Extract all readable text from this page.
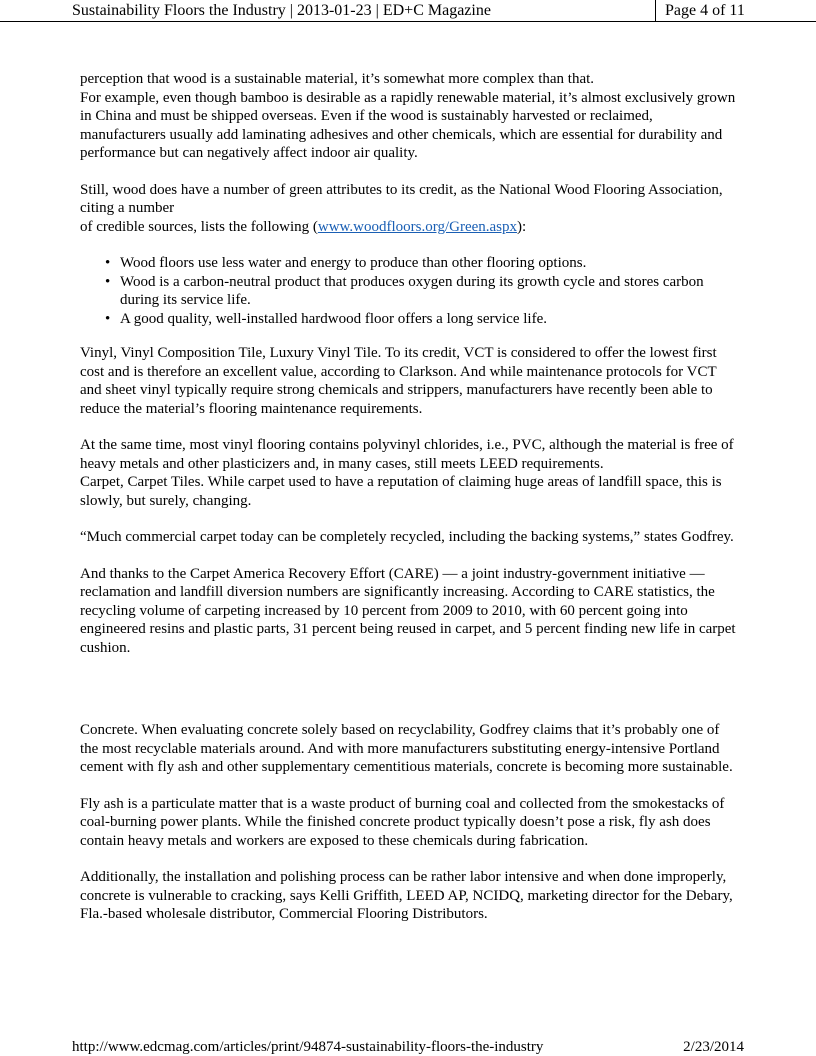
Sustainability Floors the Industry | 2013-01-23 | ED+C Magazine	Page 4 of 11

perception that wood is a sustainable material, it’s somewhat more complex than that.
For example, even though bamboo is desirable as a rapidly renewable material, it’s almost exclusively grown in China and must be shipped overseas. Even if the wood is sustainably harvested or reclaimed, manufacturers usually add laminating adhesives and other chemicals, which are essential for durability and performance but can negatively affect indoor air quality.

Still, wood does have a number of green attributes to its credit, as the National Wood Flooring Association, citing a number
of credible sources, lists the following (www.woodfloors.org/Green.aspx):

• Wood floors use less water and energy to produce than other flooring options.
• Wood is a carbon-neutral product that produces oxygen during its growth cycle and stores carbon during its service life.
• A good quality, well-installed hardwood floor offers a long service life.

Vinyl, Vinyl Composition Tile, Luxury Vinyl Tile. To its credit, VCT is considered to offer the lowest first cost and is therefore an excellent value, according to Clarkson. And while maintenance protocols for VCT and sheet vinyl typically require strong chemicals and strippers, manufacturers have recently been able to reduce the material’s flooring maintenance requirements.

At the same time, most vinyl flooring contains polyvinyl chlorides, i.e., PVC, although the material is free of heavy metals and other plasticizers and, in many cases, still meets LEED requirements.
Carpet, Carpet Tiles. While carpet used to have a reputation of claiming huge areas of landfill space, this is slowly, but surely, changing.

“Much commercial carpet today can be completely recycled, including the backing systems,” states Godfrey.

And thanks to the Carpet America Recovery Effort (CARE) — a joint industry-government initiative — reclamation and landfill diversion numbers are significantly increasing. According to CARE statistics, the recycling volume of carpeting increased by 10 percent from 2009 to 2010, with 60 percent going into engineered resins and plastic parts, 31 percent being reused in carpet, and 5 percent finding new life in carpet cushion.

Concrete. When evaluating concrete solely based on recyclability, Godfrey claims that it’s probably one of the most recyclable materials around. And with more manufacturers substituting energy-intensive Portland cement with fly ash and other supplementary cementitious materials, concrete is becoming more sustainable.

Fly ash is a particulate matter that is a waste product of burning coal and collected from the smokestacks of coal-burning power plants. While the finished concrete product typically doesn’t pose a risk, fly ash does contain heavy metals and workers are exposed to these chemicals during fabrication.

Additionally, the installation and polishing process can be rather labor intensive and when done improperly, concrete is vulnerable to cracking, says Kelli Griffith, LEED AP, NCIDQ, marketing director for the Debary, Fla.-based wholesale distributor, Commercial Flooring Distributors.

http://www.edcmag.com/articles/print/94874-sustainability-floors-the-industry	2/23/2014
